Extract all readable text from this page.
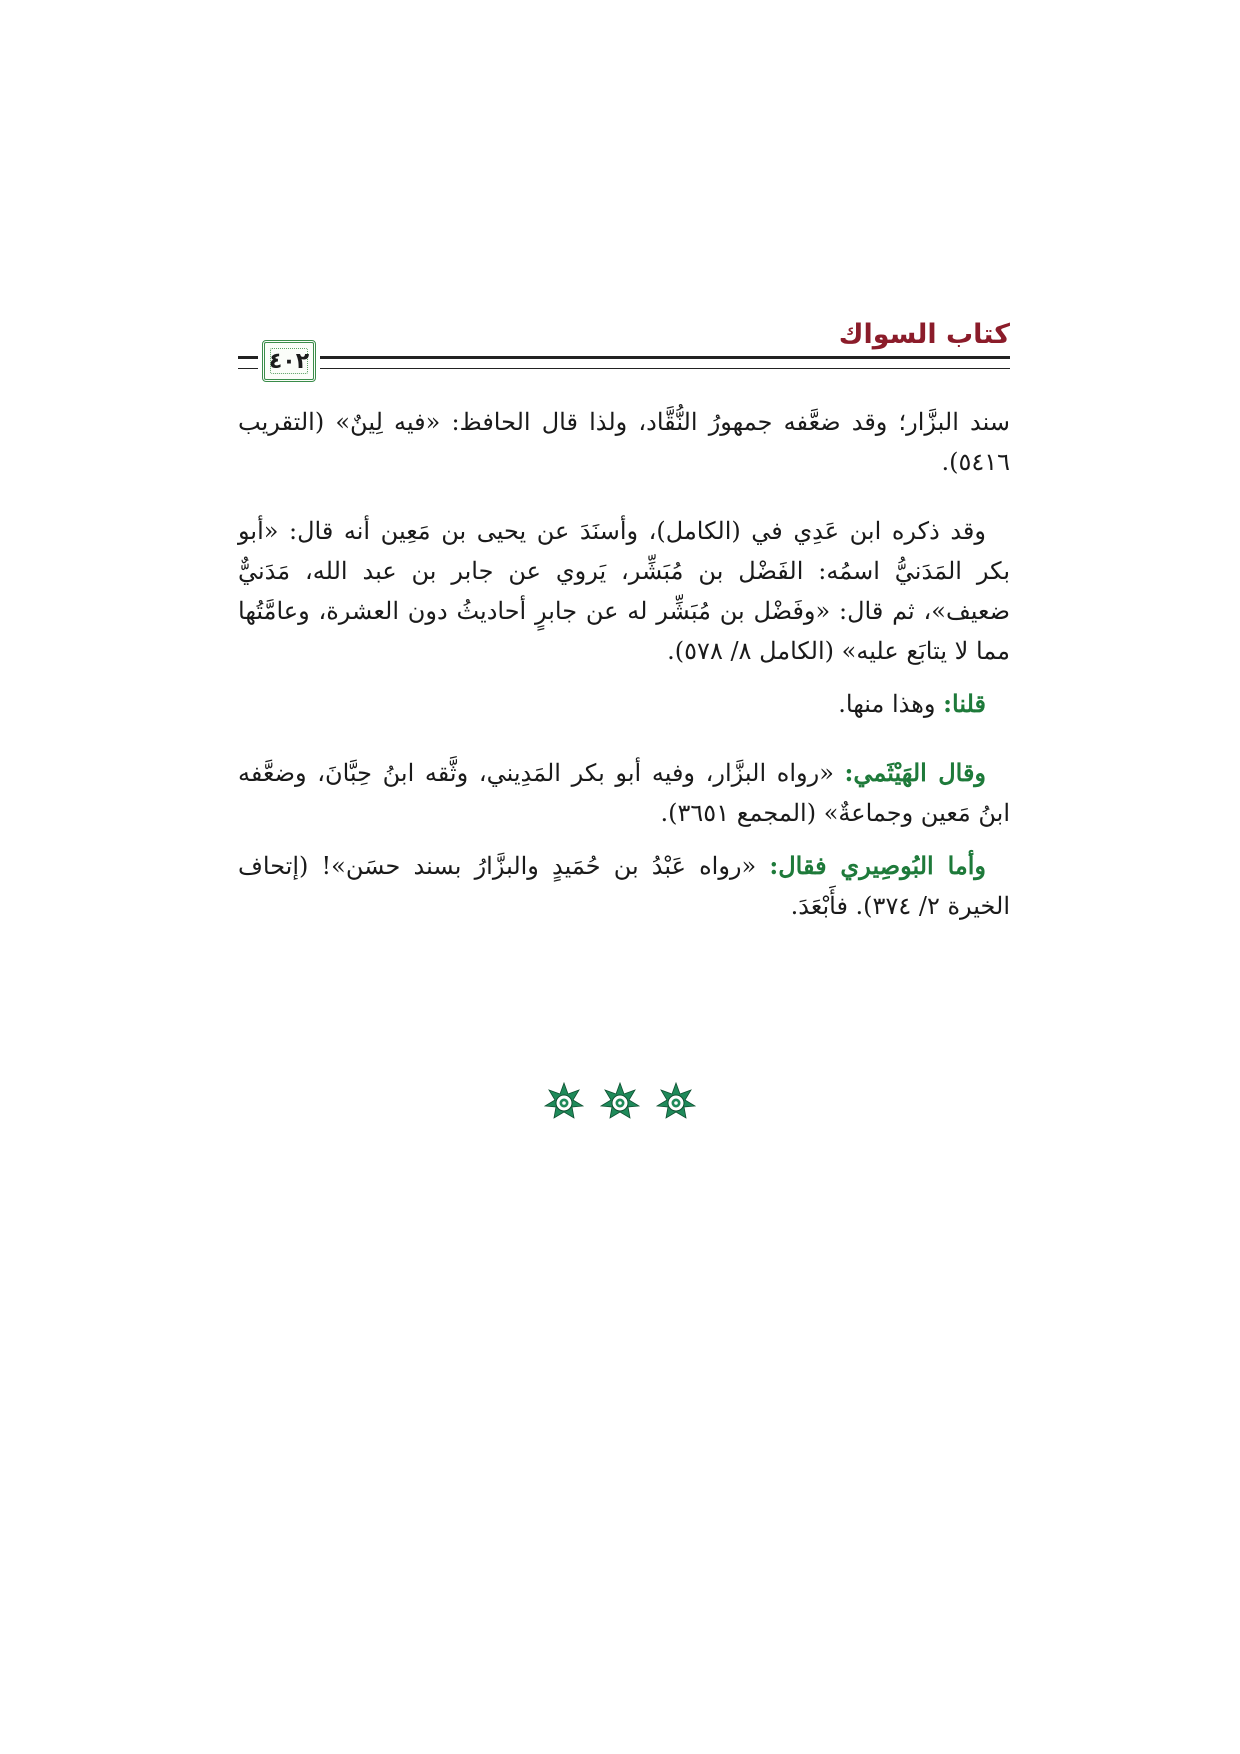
كتاب السواك
٤٠٢

سند البزَّار؛ وقد ضعَّفه جمهورُ النُّقَّاد، ولذا قال الحافظ: «فيه لِينٌ» (التقريب ٥٤١٦).

وقد ذكره ابن عَدِي في (الكامل)، وأسنَدَ عن يحيى بن مَعِين أنه قال: «أبو بكر المَدَنيُّ اسمُه: الفَضْل بن مُبَشِّر، يَروي عن جابر بن عبد الله، مَدَنيٌّ ضعيف»، ثم قال: «وفَضْل بن مُبَشِّر له عن جابرٍ أحاديثُ دون العشرة، وعامَّتُها مما لا يتابَع عليه» (الكامل ٨/ ٥٧٨).

قلنا: وهذا منها.

وقال الهَيْثَمي: «رواه البزَّار، وفيه أبو بكر المَدِيني، وثَّقه ابنُ حِبَّانَ، وضعَّفه ابنُ مَعين وجماعةٌ» (المجمع ٣٦٥١).

وأما البُوصِيري فقال: «رواه عَبْدُ بن حُمَيدٍ والبزَّارُ بسند حسَن»! (إتحاف الخيرة ٢/ ٣٧٤). فأَبْعَدَ.
